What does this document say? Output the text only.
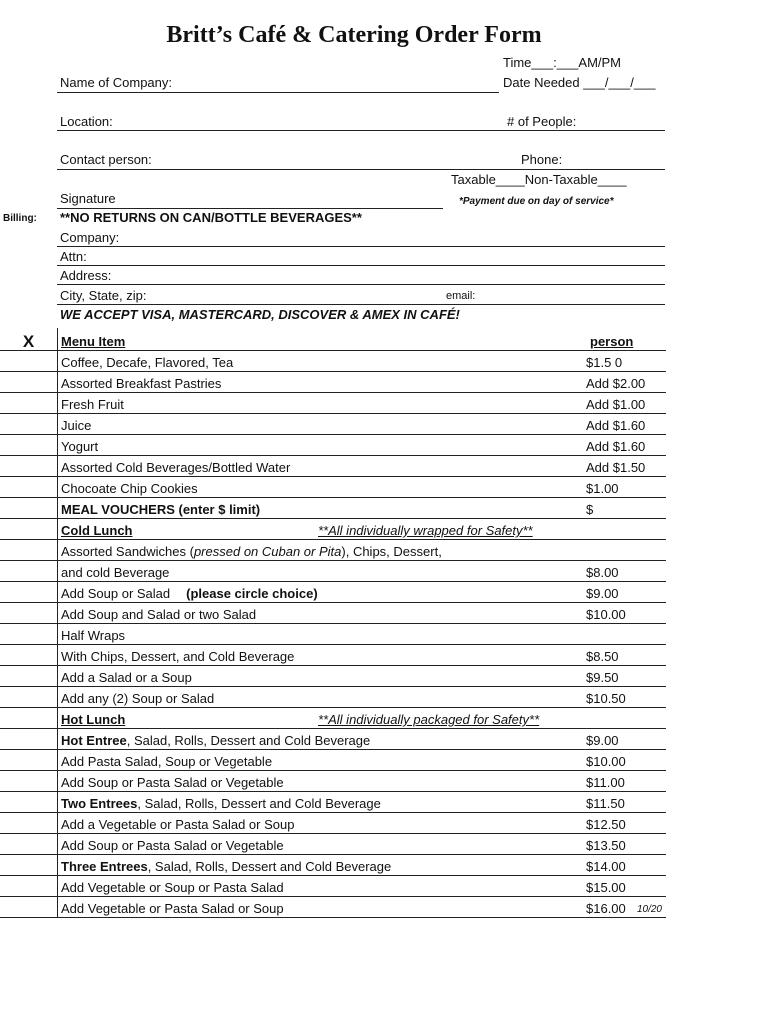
Britt’s Café & Catering Order Form
Time___:___AM/PM
Date Needed ___/___/___
Name of Company:
Location:	# of People:
Contact person:	Phone:
Taxable____Non-Taxable____
Signature	*Payment due on day of service*
Billing: **NO RETURNS ON CAN/BOTTLE BEVERAGES**
Company:
Attn:
Address:
City, State, zip:	email:
WE ACCEPT VISA, MASTERCARD, DISCOVER & AMEX IN CAFÉ!
X	Menu Item	person
	Coffee, Decafe, Flavored, Tea	$1.5 0
	Assorted Breakfast Pastries	Add $2.00
	Fresh Fruit	Add $1.00
	Juice	Add $1.60
	Yogurt	Add $1.60
	Assorted Cold Beverages/Bottled Water	Add $1.50
	Chocoate Chip Cookies	$1.00
	MEAL VOUCHERS (enter $ limit)	$
	Cold Lunch **All individually wrapped for Safety**	

	Assorted Sandwiches (pressed on Cuban or Pita), Chips, Dessert,	
	and cold Beverage	$8.00
	Add Soup or Salad (please circle choice)	$9.00
	Add Soup and Salad or two Salad	$10.00
	Half Wraps	
	With Chips, Dessert, and Cold Beverage	$8.50
	Add a Salad or a Soup	$9.50
	Add any (2) Soup or Salad	$10.50
	Hot Lunch **All individually packaged for Safety**	

	Hot Entree, Salad, Rolls, Dessert and Cold Beverage	$9.00
	Add Pasta Salad, Soup or Vegetable	$10.00
	Add Soup or Pasta Salad or Vegetable	$11.00
	Two Entrees, Salad, Rolls, Dessert and Cold Beverage	$11.50
	Add a Vegetable or Pasta Salad or Soup	$12.50
	Add Soup or Pasta Salad or Vegetable	$13.50
	Three Entrees, Salad, Rolls, Dessert and Cold Beverage	$14.00
	Add Vegetable or Soup or Pasta Salad	$15.00
	Add Vegetable or Pasta Salad or Soup	$16.00 10/20
